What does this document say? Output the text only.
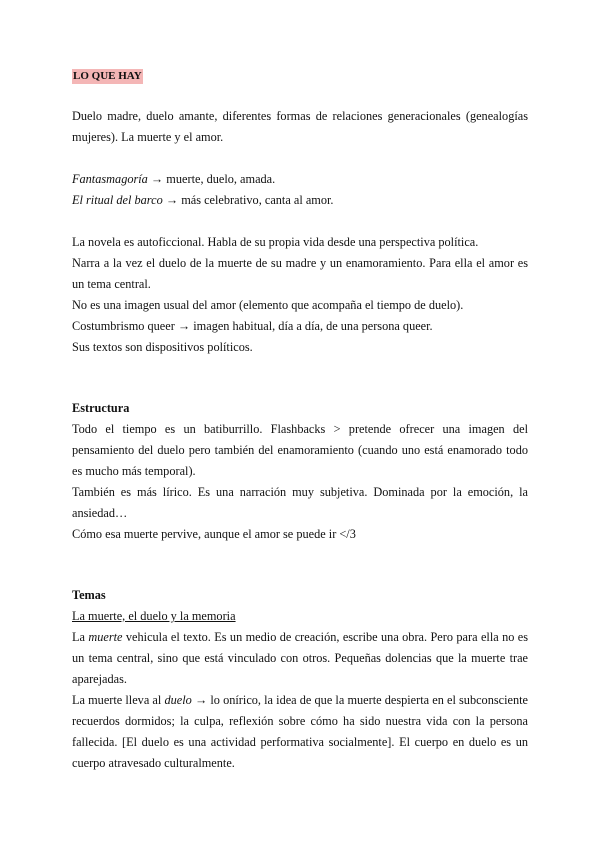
LO QUE HAY

Duelo madre, duelo amante, diferentes formas de relaciones generacionales (genealogías mujeres). La muerte y el amor.

Fantasmagoría → muerte, duelo, amada.

El ritual del barco → más celebrativo, canta al amor.

La novela es autoficcional. Habla de su propia vida desde una perspectiva política.

Narra a la vez el duelo de la muerte de su madre y un enamoramiento. Para ella el amor es un tema central.

No es una imagen usual del amor (elemento que acompaña el tiempo de duelo).

Costumbrismo queer → imagen habitual, día a día, de una persona queer.

Sus textos son dispositivos políticos.

Estructura

Todo el tiempo es un batiburrillo. Flashbacks > pretende ofrecer una imagen del pensamiento del duelo pero también del enamoramiento (cuando uno está enamorado todo es mucho más temporal).

También es más lírico. Es una narración muy subjetiva. Dominada por la emoción, la ansiedad…

Cómo esa muerte pervive, aunque el amor se puede ir </3

Temas

La muerte, el duelo y la memoria

La muerte vehicula el texto. Es un medio de creación, escribe una obra. Pero para ella no es un tema central, sino que está vinculado con otros. Pequeñas dolencias que la muerte trae aparejadas.

La muerte lleva al duelo → lo onírico, la idea de que la muerte despierta en el subconsciente recuerdos dormidos; la culpa, reflexión sobre cómo ha sido nuestra vida con la persona fallecida. [El duelo es una actividad performativa socialmente]. El cuerpo en duelo es un cuerpo atravesado culturalmente.
